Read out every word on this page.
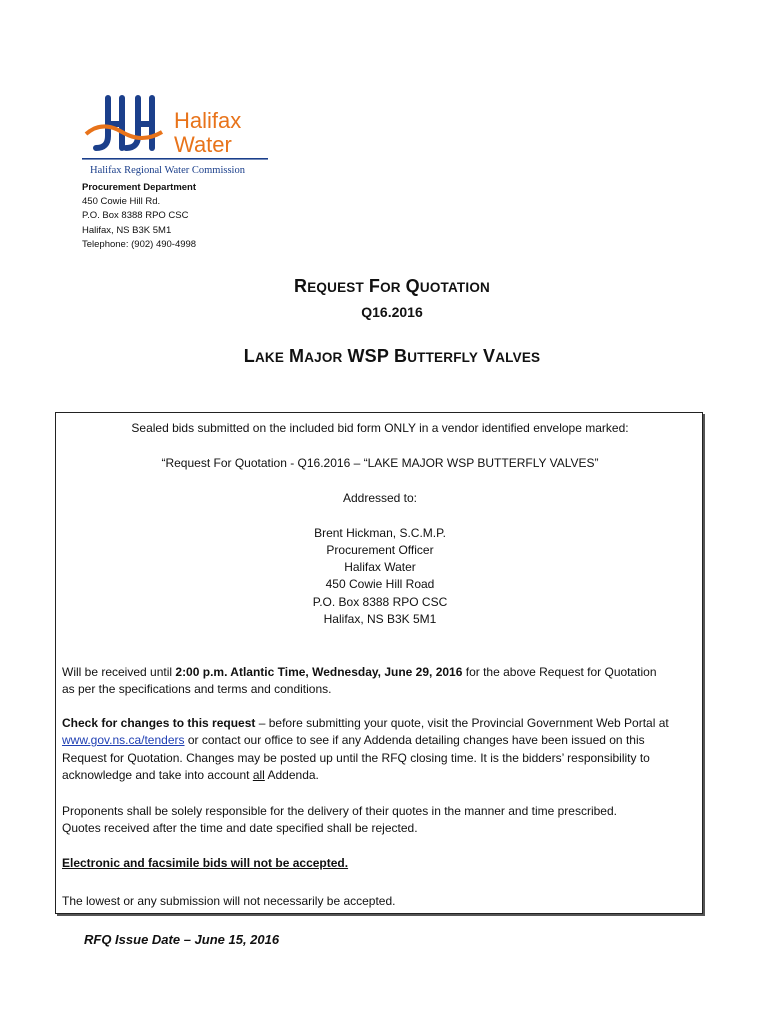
Halifax
Water
Halifax Regional Water Commission
Procurement Department
450 Cowie Hill Rd.
P.O. Box 8388 RPO CSC
Halifax, NS B3K 5M1
Telephone: (902) 490-4998
REQUEST FOR QUOTATION
Q16.2016
LAKE MAJOR WSP BUTTERFLY VALVES
Sealed bids submitted on the included bid form ONLY in a vendor identified envelope marked:
“Request For Quotation - Q16.2016 – “LAKE MAJOR WSP BUTTERFLY VALVES”
Addressed to:
Brent Hickman, S.C.M.P.
Procurement Officer
Halifax Water
450 Cowie Hill Road
P.O. Box 8388 RPO CSC
Halifax, NS B3K 5M1
Will be received until 2:00 p.m. Atlantic Time, Wednesday, June 29, 2016 for the above Request for Quotation
as per the specifications and terms and conditions.
Check for changes to this request – before submitting your quote, visit the Provincial Government Web Portal at
www.gov.ns.ca/tenders or contact our office to see if any Addenda detailing changes have been issued on this
Request for Quotation. Changes may be posted up until the RFQ closing time. It is the bidders’ responsibility to
acknowledge and take into account all Addenda.
Proponents shall be solely responsible for the delivery of their quotes in the manner and time prescribed.
Quotes received after the time and date specified shall be rejected.
Electronic and facsimile bids will not be accepted.
The lowest or any submission will not necessarily be accepted.
RFQ Issue Date – June 15, 2016
